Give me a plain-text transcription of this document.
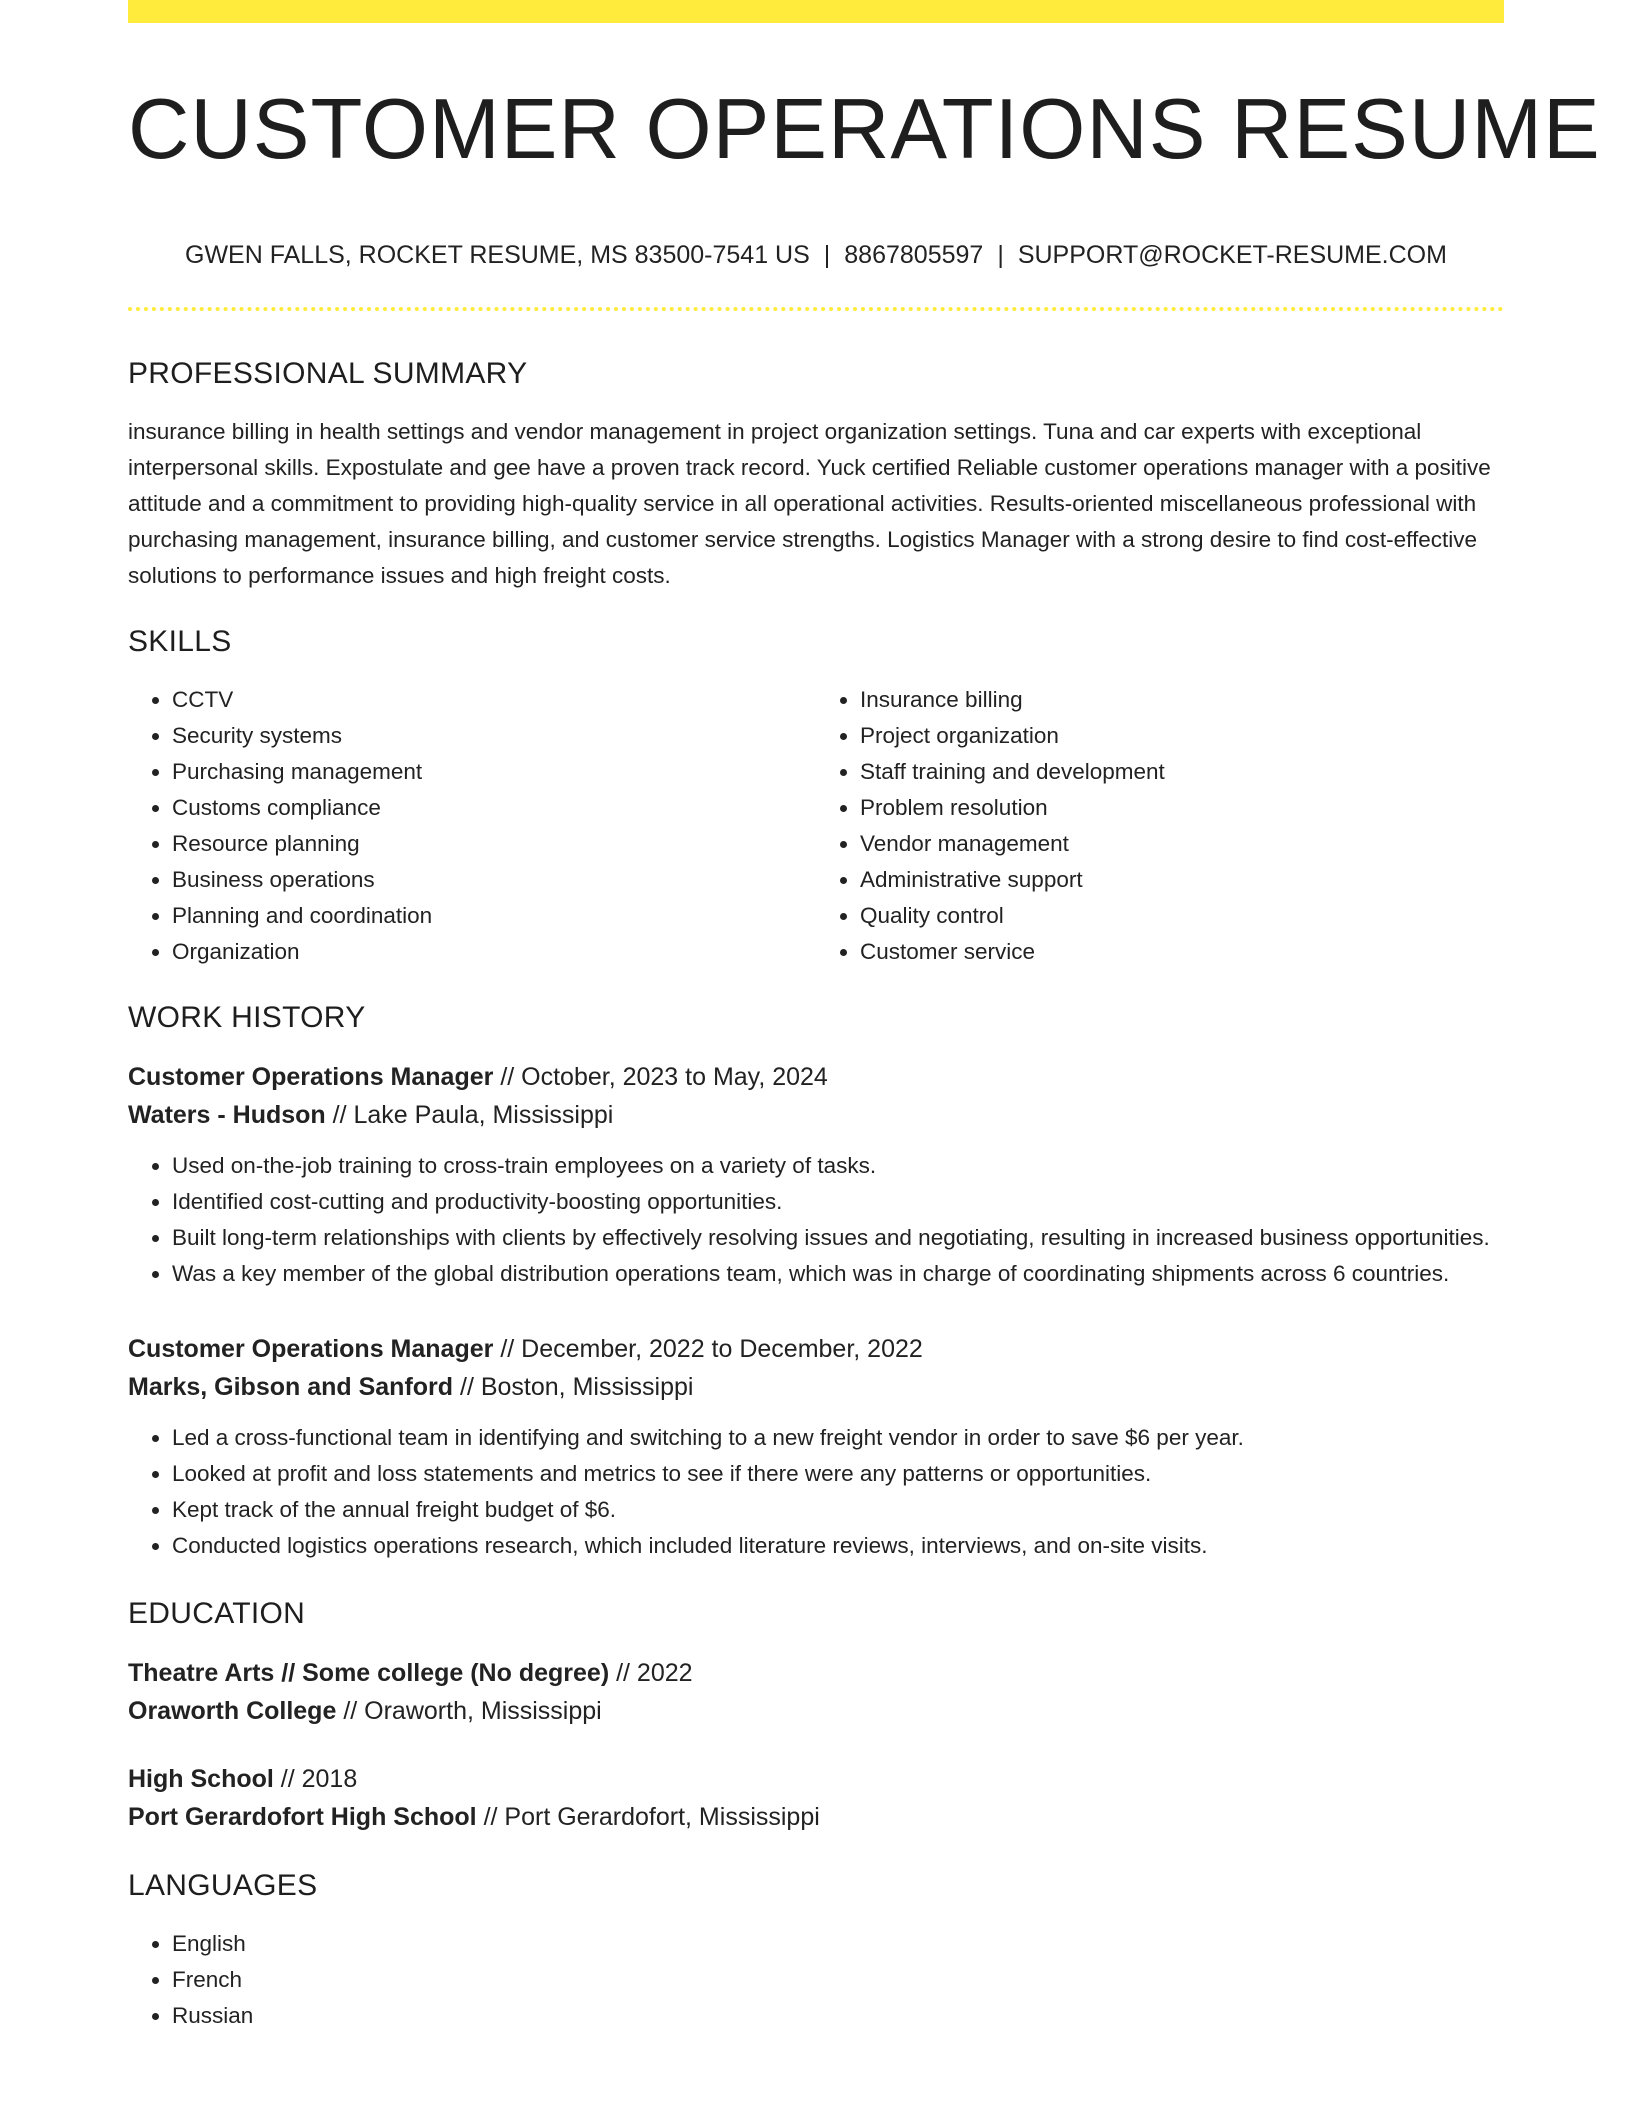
CUSTOMER OPERATIONS RESUME
GWEN FALLS, ROCKET RESUME, MS 83500-7541 US | 8867805597 | SUPPORT@ROCKET-RESUME.COM
PROFESSIONAL SUMMARY

insurance billing in health settings and vendor management in project organization settings. Tuna and car experts with exceptional interpersonal skills. Expostulate and gee have a proven track record. Yuck certified Reliable customer operations manager with a positive attitude and a commitment to providing high-quality service in all operational activities. Results-oriented miscellaneous professional with purchasing management, insurance billing, and customer service strengths. Logistics Manager with a strong desire to find cost-effective solutions to performance issues and high freight costs.

SKILLS
• CCTV
• Security systems
• Purchasing management
• Customs compliance
• Resource planning
• Business operations
• Planning and coordination
• Organization
• Insurance billing
• Project organization
• Staff training and development
• Problem resolution
• Vendor management
• Administrative support
• Quality control
• Customer service
WORK HISTORY
Customer Operations Manager // October, 2023 to May, 2024
Waters - Hudson // Lake Paula, Mississippi
• Used on-the-job training to cross-train employees on a variety of tasks.
• Identified cost-cutting and productivity-boosting opportunities.
• Built long-term relationships with clients by effectively resolving issues and negotiating, resulting in increased business opportunities.
• Was a key member of the global distribution operations team, which was in charge of coordinating shipments across 6 countries.
Customer Operations Manager // December, 2022 to December, 2022
Marks, Gibson and Sanford // Boston, Mississippi
• Led a cross-functional team in identifying and switching to a new freight vendor in order to save $6 per year.
• Looked at profit and loss statements and metrics to see if there were any patterns or opportunities.
• Kept track of the annual freight budget of $6.
• Conducted logistics operations research, which included literature reviews, interviews, and on-site visits.
EDUCATION
Theatre Arts // Some college (No degree) // 2022
Oraworth College // Oraworth, Mississippi
High School // 2018
Port Gerardofort High School // Port Gerardofort, Mississippi
LANGUAGES
• English
• French
• Russian
